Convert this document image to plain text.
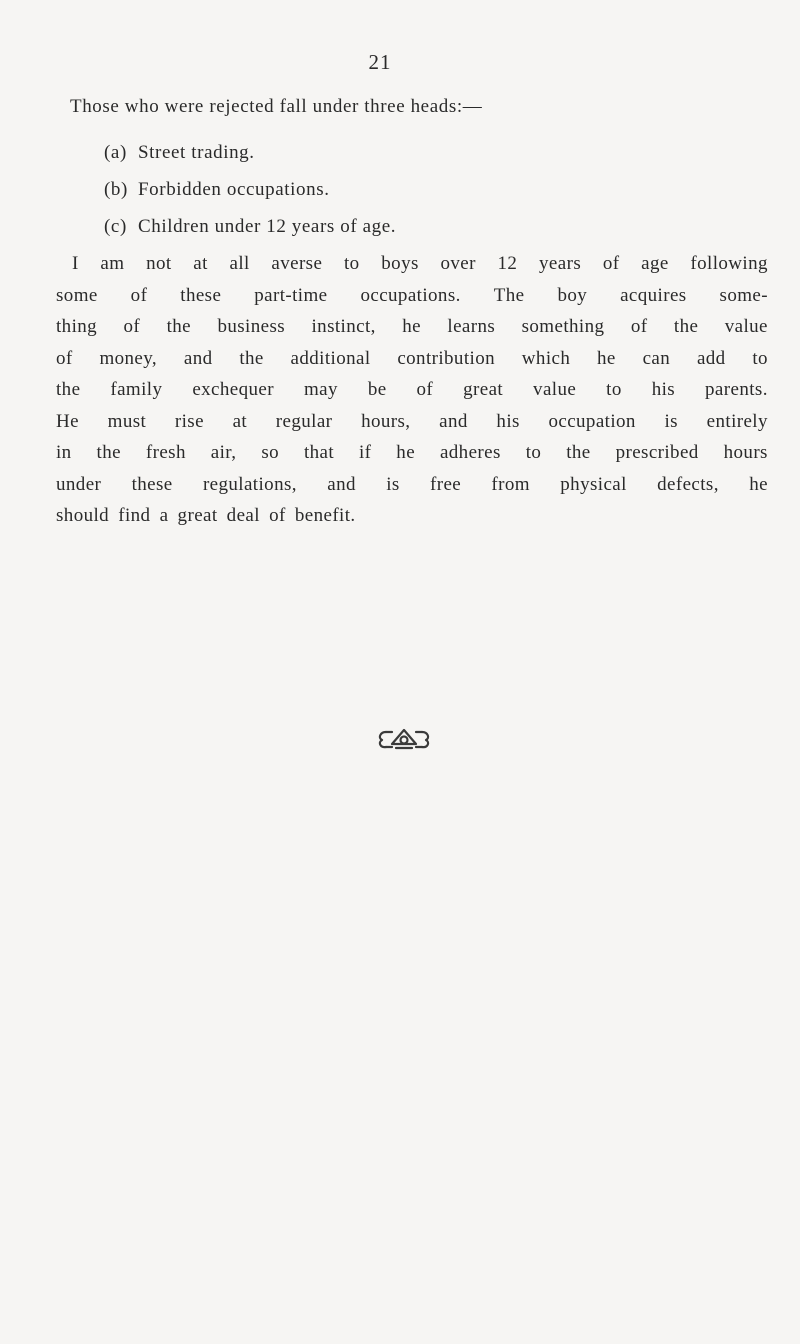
21
Those who were rejected fall under three heads:—
(a) Street trading.
(b) Forbidden occupations.
(c) Children under 12 years of age.
I am not at all averse to boys over 12 years of age following
some of these part-time occupations. The boy acquires some-
thing of the business instinct, he learns something of the value
of money, and the additional contribution which he can add to
the family exchequer may be of great value to his parents.
He must rise at regular hours, and his occupation is entirely
in the fresh air, so that if he adheres to the prescribed hours
under these regulations, and is free from physical defects, he
should find a great deal of benefit.
